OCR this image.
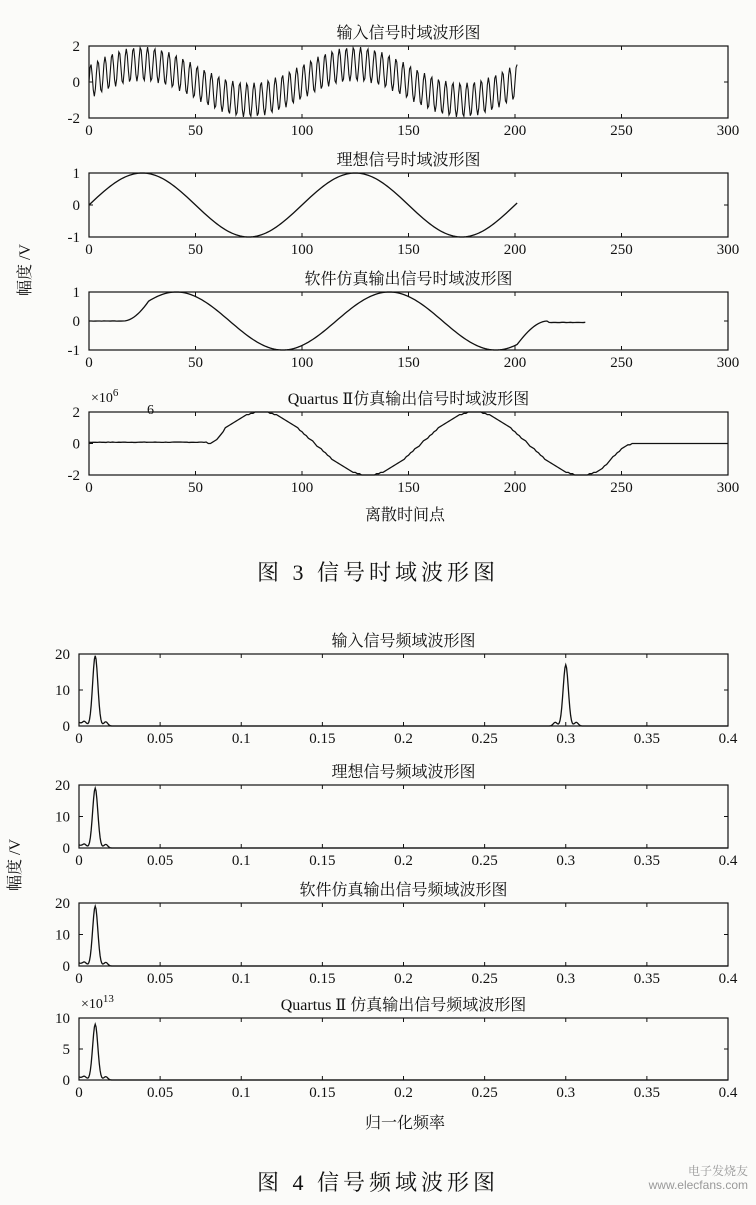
输入信号时域波形图
0	50	100	150	200	250	300
-2
0
2
理想信号时域波形图
0	50	100	150	200	250	300
-1
0
1
软件仿真输出信号时域波形图
0	50	100	150	200	250	300
-1
0
1
Quartus Ⅱ仿真输出信号时域波形图
0	50	100	150	200	250	300
-2
0
2
$\times 10^6$
6
输入信号频域波形图
0	0.05	0.1	0.15	0.2	0.25	0.3	0.35	0.4
0
10
20
理想信号频域波形图
0	0.05	0.1	0.15	0.2	0.25	0.3	0.35	0.4
0
10
20
软件仿真输出信号频域波形图
0	0.05	0.1	0.15	0.2	0.25	0.3	0.35	0.4
0
10
20
Quartus Ⅱ 仿真输出信号频域波形图
0	0.05	0.1	0.15	0.2	0.25	0.3	0.35	0.4
0
5
10
$\times 10^{13}$
幅度 /V
幅度 /V
离散时间点
归一化频率
图 3 信号时域波形图
图 4 信号频域波形图	电子发烧友
www.elecfans.com
